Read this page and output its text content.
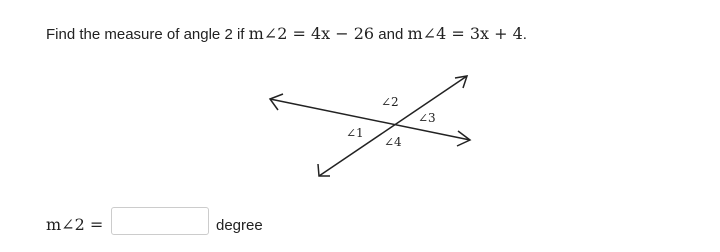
Find the measure of angle 2 if m∠2 = 4x − 26 and m∠4 = 3x + 4.
∠2
∠3
∠1
∠4
m∠2 =	degree
